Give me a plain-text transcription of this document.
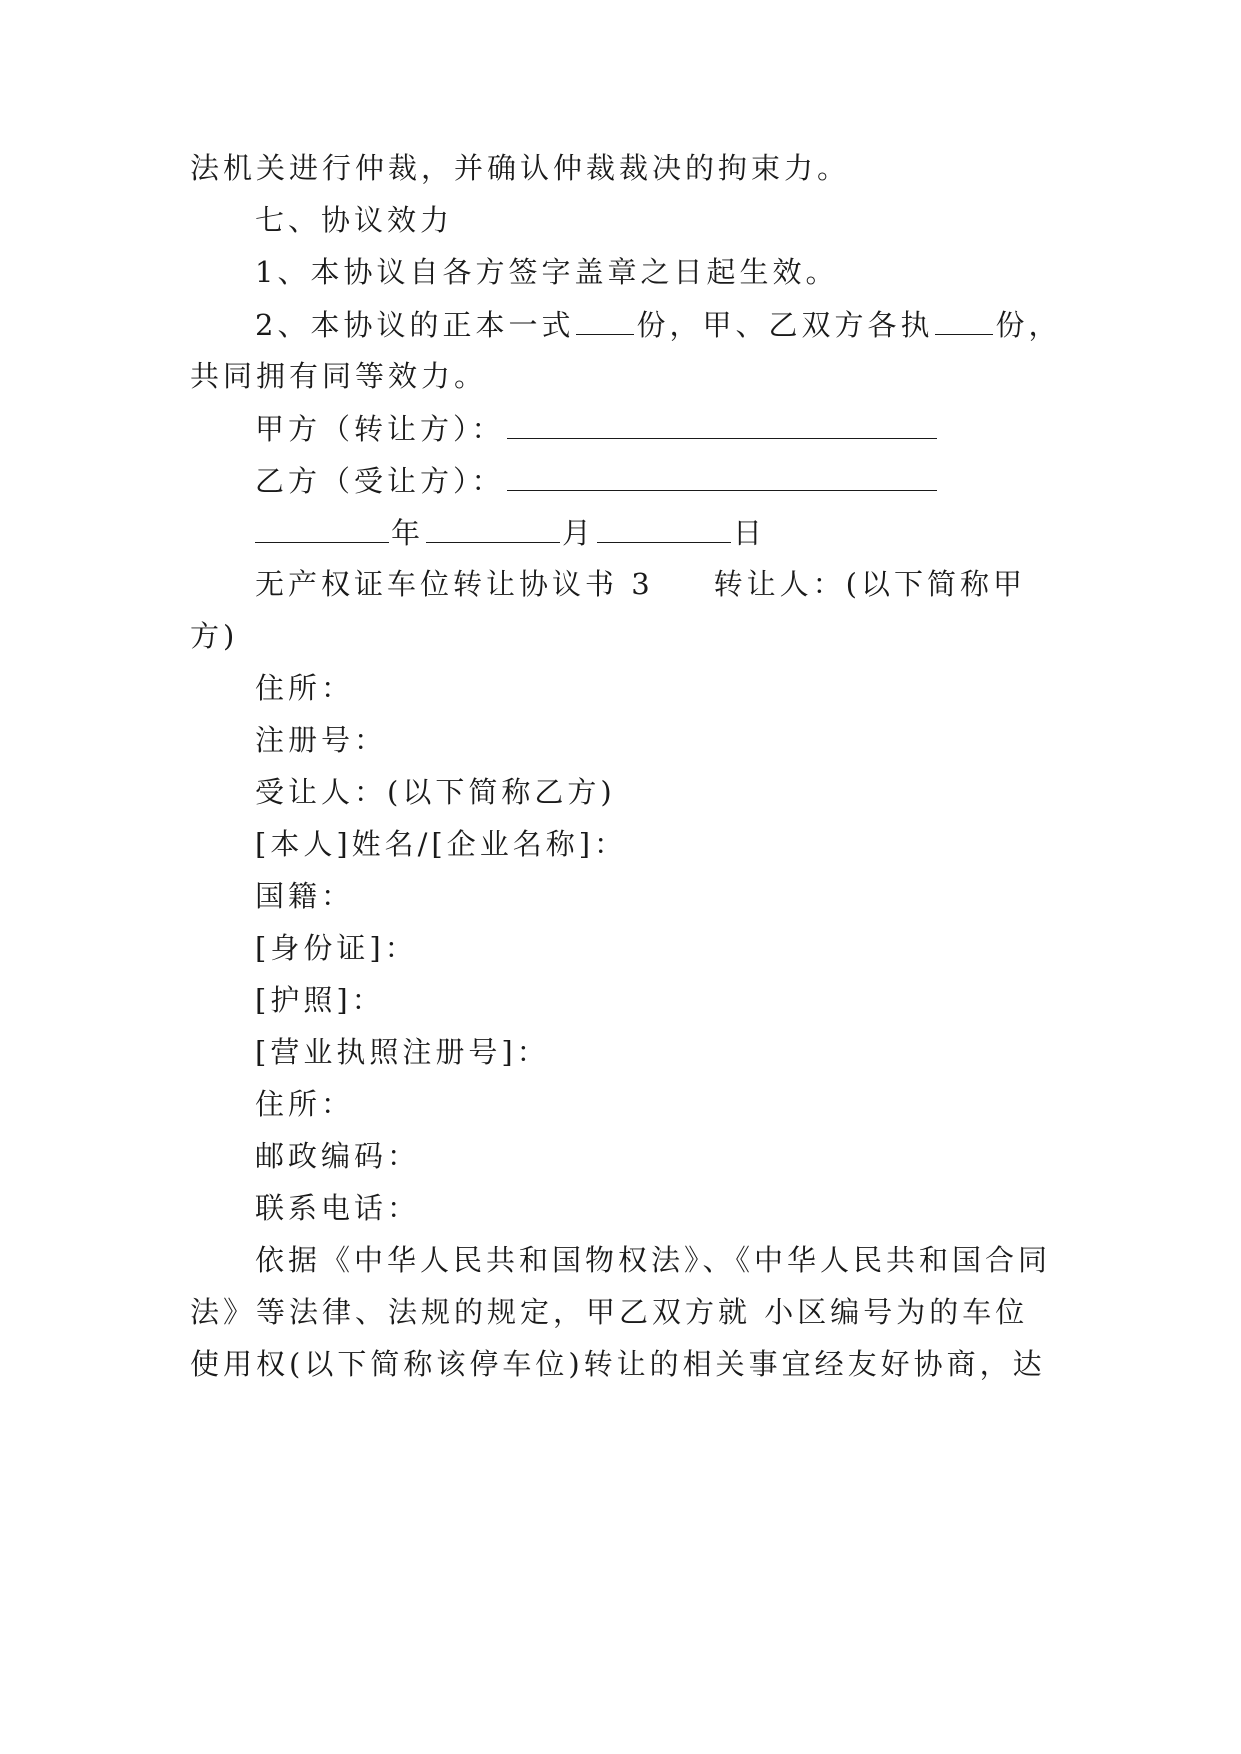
法机关进行仲裁，并确认仲裁裁决的拘束力。
七、协议效力
1、本协议自各方签字盖章之日起生效。
2、本协议的正本一式 份，甲、乙双方各执 份，
共同拥有同等效力。
甲方（转让方）：
乙方（受让方）：
年	月	日
无产权证车位转让协议书 3 转让人：(以下简称甲
方)
住所：
注册号：
受让人：(以下简称乙方)
[本人]姓名/[企业名称]：
国籍：
[身份证]：
[护照]：
[营业执照注册号]：
住所：
邮政编码：
联系电话：
依据《中华人民共和国物权法》、《中华人民共和国合同
法》等法律、法规的规定，甲乙双方就 小区编号为的车位
使用权(以下简称该停车位)转让的相关事宜经友好协商，达
